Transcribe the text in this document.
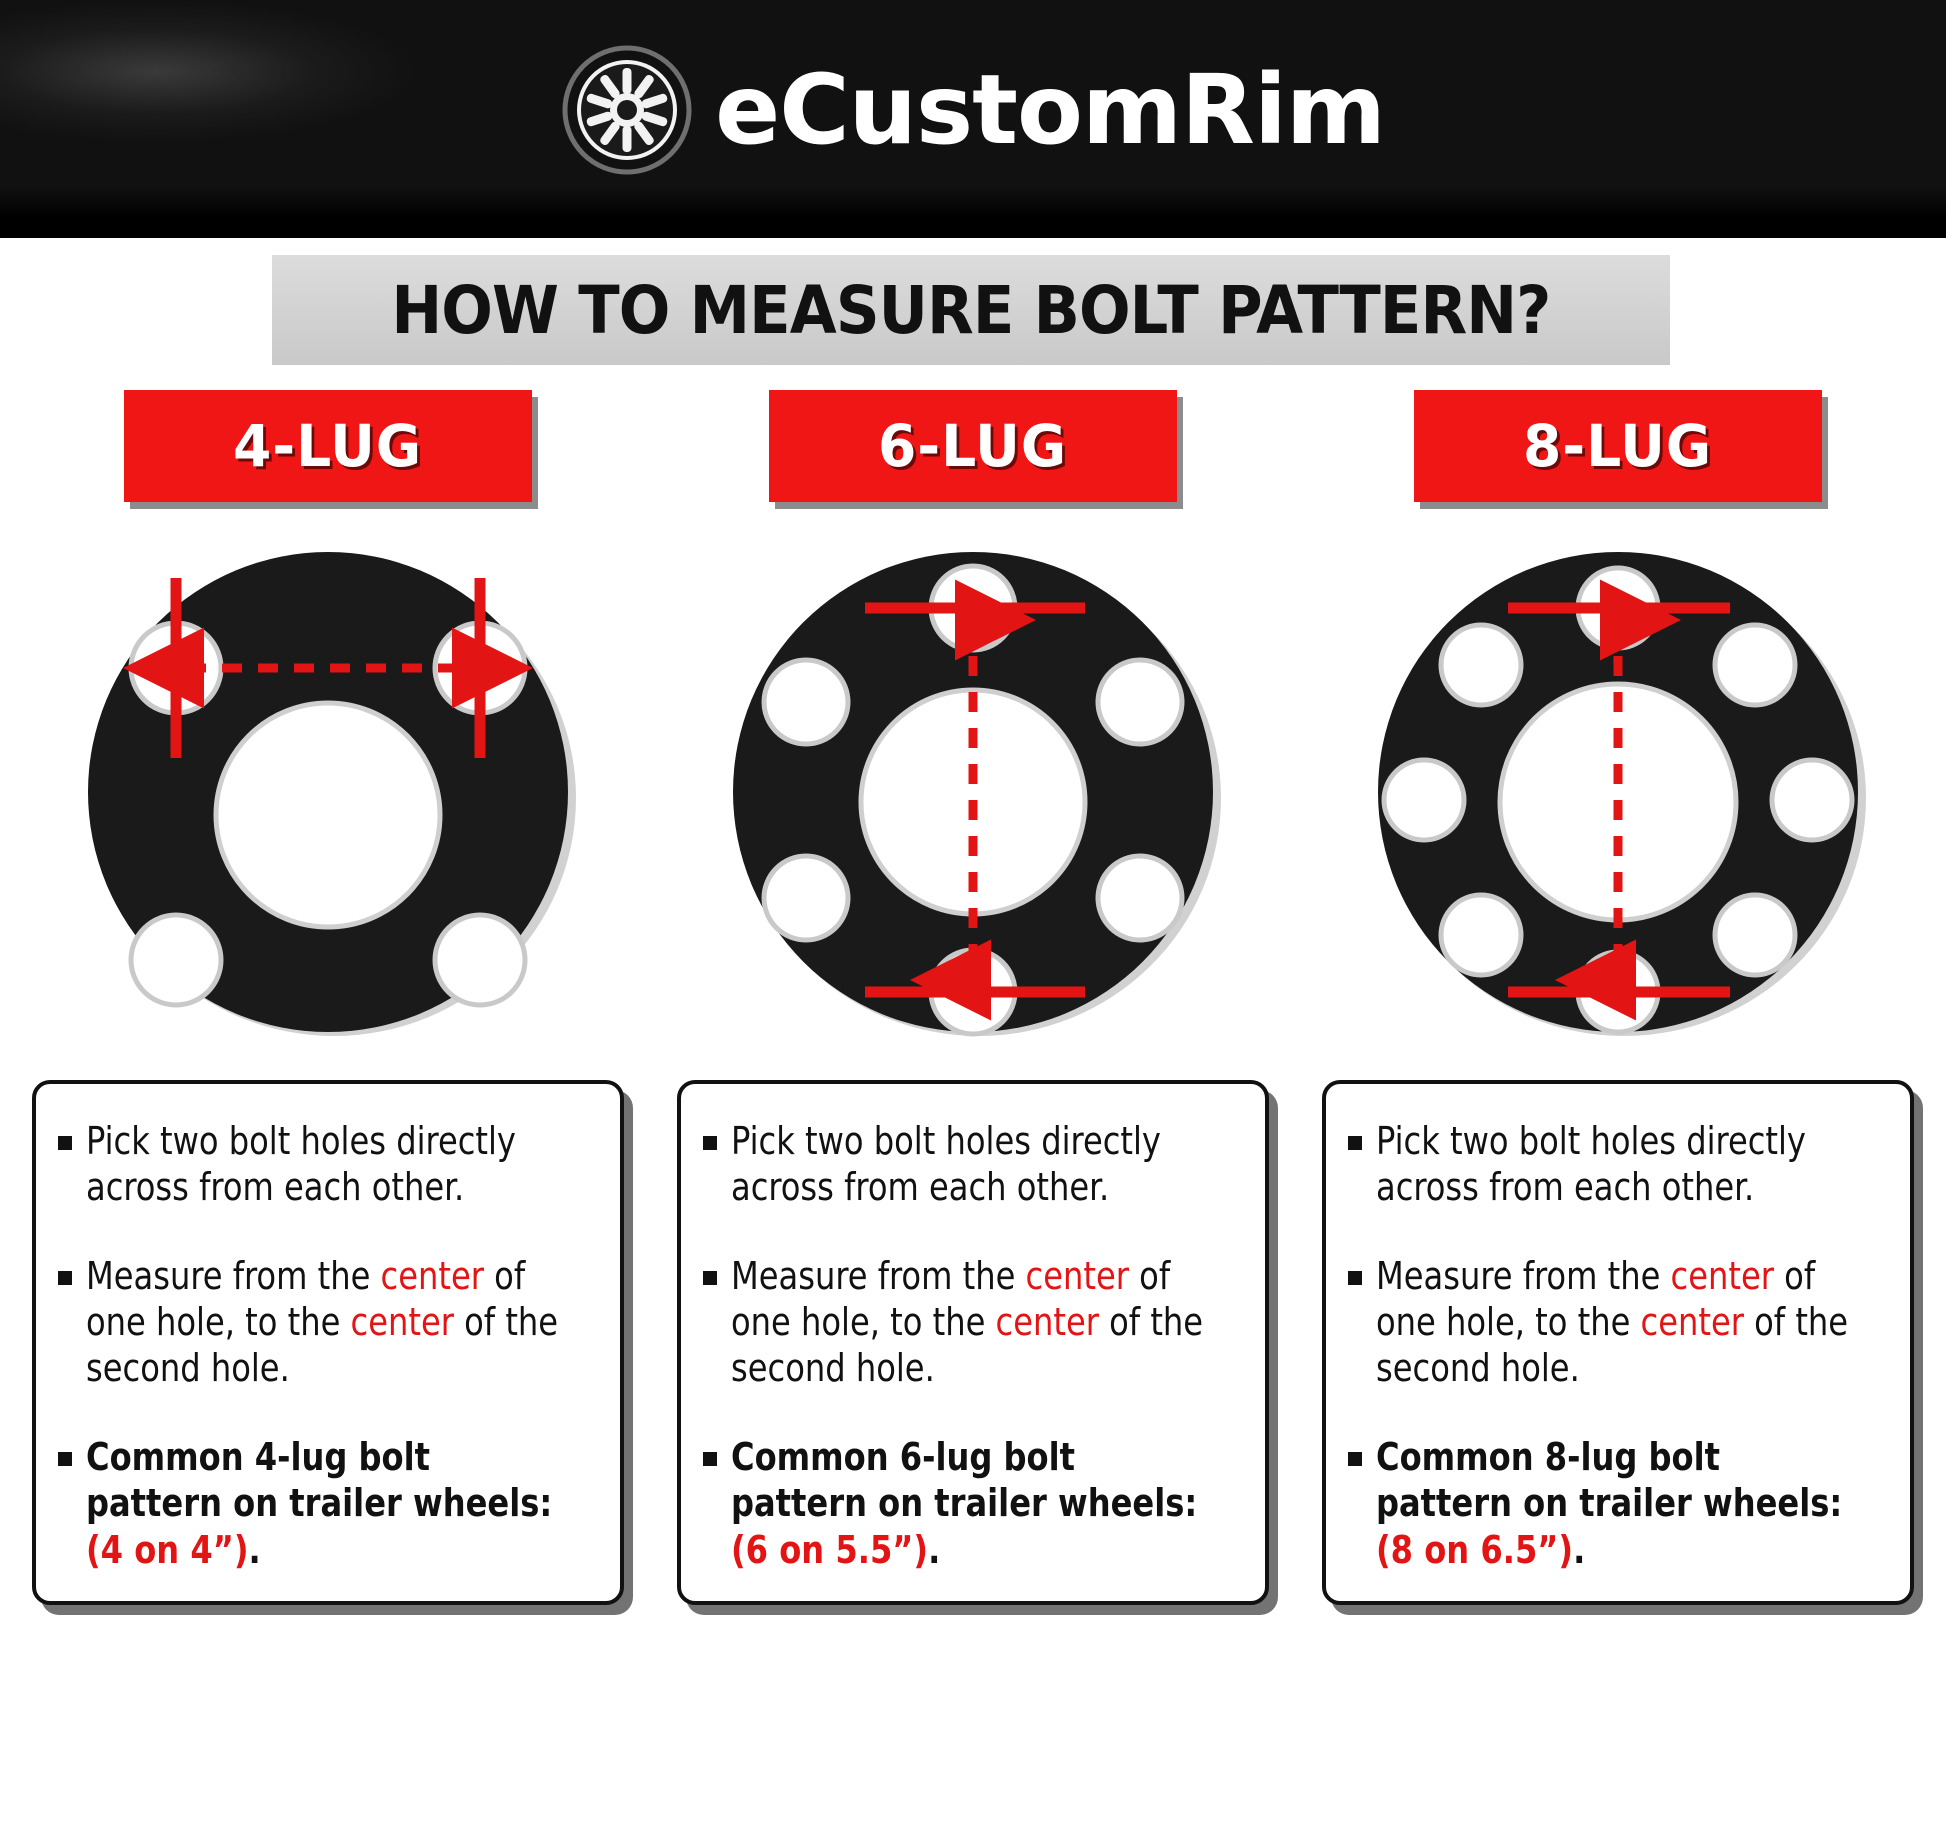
eCustomRim
HOW TO MEASURE BOLT PATTERN?
4-LUG
Pick two bolt holes directly across from each other.
Measure from the center of one hole, to the center of the second hole.
Common 4-lug bolt pattern on trailer wheels: (4 on 4”).
6-LUG
Pick two bolt holes directly across from each other.
Measure from the center of one hole, to the center of the second hole.
Common 6-lug bolt pattern on trailer wheels: (6 on 5.5”).
8-LUG
Pick two bolt holes directly across from each other.
Measure from the center of one hole, to the center of the second hole.
Common 8-lug bolt pattern on trailer wheels: (8 on 6.5”).
